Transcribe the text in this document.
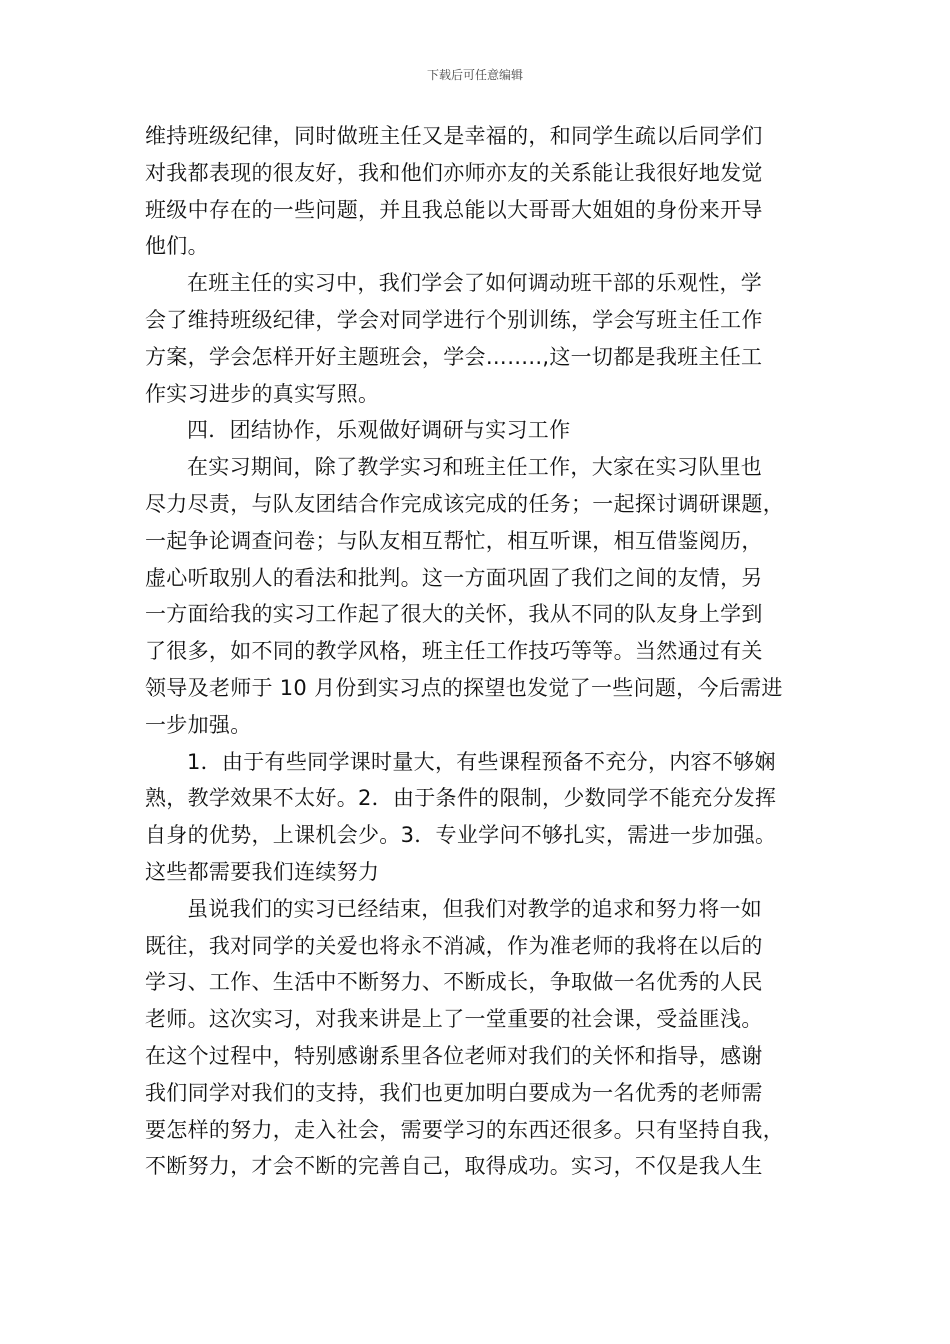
下载后可任意编辑
维持班级纪律，同时做班主任又是幸福的，和同学生疏以后同学们
对我都表现的很友好，我和他们亦师亦友的关系能让我很好地发觉
班级中存在的一些问题，并且我总能以大哥哥大姐姐的身份来开导
他们。
在班主任的实习中，我们学会了如何调动班干部的乐观性，学
会了维持班级纪律，学会对同学进行个别训练，学会写班主任工作
方案，学会怎样开好主题班会，学会……..,这一切都是我班主任工
作实习进步的真实写照。
四．团结协作，乐观做好调研与实习工作
在实习期间，除了教学实习和班主任工作，大家在实习队里也
尽力尽责，与队友团结合作完成该完成的任务；一起探讨调研课题，
一起争论调查问卷；与队友相互帮忙，相互听课，相互借鉴阅历，
虚心听取别人的看法和批判。这一方面巩固了我们之间的友情，另
一方面给我的实习工作起了很大的关怀，我从不同的队友身上学到
了很多，如不同的教学风格，班主任工作技巧等等。当然通过有关
领导及老师于 10 月份到实习点的探望也发觉了一些问题，今后需进
一步加强。
1．由于有些同学课时量大，有些课程预备不充分，内容不够娴
熟，教学效果不太好。2．由于条件的限制，少数同学不能充分发挥
自身的优势，上课机会少。3．专业学问不够扎实，需进一步加强。
这些都需要我们连续努力
虽说我们的实习已经结束，但我们对教学的追求和努力将一如
既往，我对同学的关爱也将永不消减，作为准老师的我将在以后的
学习、工作、生活中不断努力、不断成长，争取做一名优秀的人民
老师。这次实习，对我来讲是上了一堂重要的社会课，受益匪浅。
在这个过程中，特别感谢系里各位老师对我们的关怀和指导，感谢
我们同学对我们的支持，我们也更加明白要成为一名优秀的老师需
要怎样的努力，走入社会，需要学习的东西还很多。只有坚持自我，
不断努力，才会不断的完善自己，取得成功。实习，不仅是我人生
